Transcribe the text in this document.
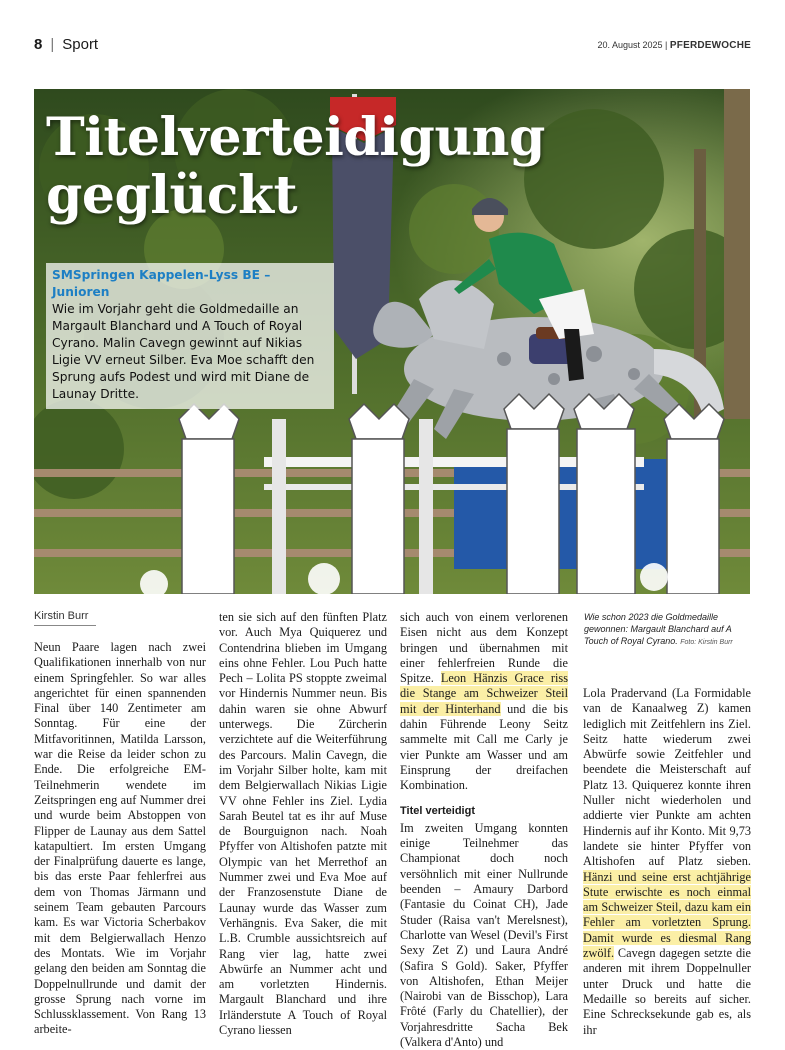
8 | Sport	20. August 2025 | PFERDEWOCHE
Titelverteidigung
geglückt
SMSpringen Kappelen-Lyss BE – Junioren
Wie im Vorjahr geht die Goldmedaille an Margault Blanchard und A Touch of Royal Cyrano. Malin Cavegn gewinnt auf Nikias Ligie VV erneut Silber. Eva Moe schafft den Sprung aufs Podest und wird mit Diane de Launay Dritte.
Kirstin Burr

Neun Paare lagen nach zwei Qualifikationen innerhalb von nur einem Springfehler. So war alles angerichtet für einen spannenden Final über 140 Zentimeter am Sonntag. Für eine der Mitfavoritinnen, Matilda Larsson, war die Reise da leider schon zu Ende. Die erfolgreiche EM-Teilnehmerin wendete im Zeitspringen eng auf Nummer drei und wurde beim Abstoppen von Flipper de Launay aus dem Sattel katapultiert. Im ersten Umgang der Finalprüfung dauerte es lange, bis das erste Paar fehlerfrei aus dem von Thomas Järmann und seinem Team gebauten Parcours kam. Es war Victoria Scherbakov mit dem Belgierwallach Henzo des Montats. Wie im Vorjahr gelang den beiden am Sonntag die Doppelnullrunde und damit der grosse Sprung nach vorne im Schlussklassement. Von Rang 13 arbeite-

ten sie sich auf den fünften Platz vor. Auch Mya Quiquerez und Contendrina blieben im Umgang eins ohne Fehler. Lou Puch hatte Pech – Lolita PS stoppte zweimal vor Hindernis Nummer neun. Bis dahin waren sie ohne Abwurf unterwegs. Die Zürcherin verzichtete auf die Weiterführung des Parcours. Malin Cavegn, die im Vorjahr Silber holte, kam mit dem Belgierwallach Nikias Ligie VV ohne Fehler ins Ziel. Lydia Sarah Beutel tat es ihr auf Muse de Bourguignon nach. Noah Pfyffer von Altishofen patzte mit Olympic van het Merrethof an Nummer zwei und Eva Moe auf der Franzosenstute Diane de Launay wurde das Wasser zum Verhängnis. Eva Saker, die mit L.B. Crumble aussichtsreich auf Rang vier lag, hatte zwei Abwürfe an Nummer acht und am vorletzten Hindernis. Margault Blanchard und ihre Irländerstute A Touch of Royal Cyrano liessen

sich auch von einem verlorenen Eisen nicht aus dem Konzept bringen und übernahmen mit einer fehlerfreien Runde die Spitze. Leon Hänzis Grace riss die Stange am Schweizer Steil mit der Hinterhand und die bis dahin Führende Leony Seitz sammelte mit Call me Carly je vier Punkte am Wasser und am Einsprung der dreifachen Kombination.

Titel verteidigt

Im zweiten Umgang konnten einige Teilnehmer das Championat doch noch versöhnlich mit einer Nullrunde beenden – Amaury Darbord (Fantasie du Coinat CH), Jade Studer (Raisa van't Merelsnest), Charlotte van Wesel (Devil's First Sexy Zet Z) und Laura André (Safira S Gold). Saker, Pfyffer von Altishofen, Ethan Meijer (Nairobi van de Bisschop), Lara Frôté (Farly du Chatellier), der Vorjahresdritte Sacha Bek (Valkera d'Anto) und

Wie schon 2023 die Goldmedaille gewonnen: Margault Blanchard auf A Touch of Royal Cyrano. Foto: Kirstin Burr

Lola Pradervand (La Formidable van de Kanaalweg Z) kamen lediglich mit Zeitfehlern ins Ziel. Seitz hatte wiederum zwei Abwürfe sowie Zeitfehler und beendete die Meisterschaft auf Platz 13. Quiquerez konnte ihren Nuller nicht wiederholen und addierte vier Punkte am achten Hindernis auf ihr Konto. Mit 9,73 landete sie hinter Pfyffer von Altishofen auf Platz sieben. Hänzi und seine erst achtjährige Stute erwischte es noch einmal am Schweizer Steil, dazu kam ein Fehler am vorletzten Sprung. Damit wurde es diesmal Rang zwölf. Cavegn dagegen setzte die anderen mit ihrem Doppelnuller unter Druck und hatte die Medaille so bereits auf sicher. Eine Schrecksekunde gab es, als ihr
